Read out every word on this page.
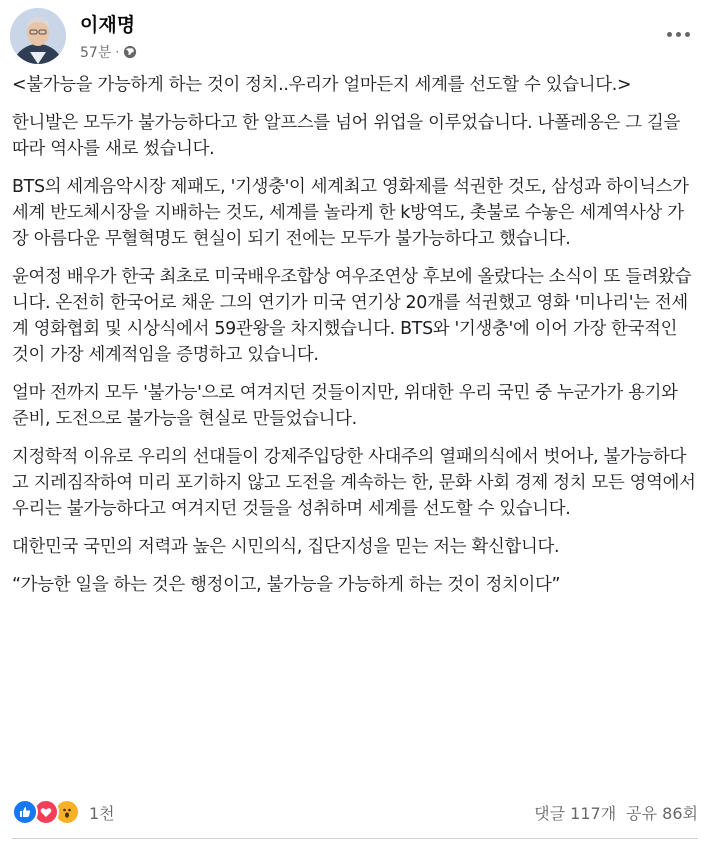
이재명
57분 ·

<불가능을 가능하게 하는 것이 정치..우리가 얼마든지 세계를 선도할 수 있습니다.>

한니발은 모두가 불가능하다고 한 알프스를 넘어 위업을 이루었습니다. 나폴레옹은 그 길을 따라 역사를 새로 썼습니다.

BTS의 세계음악시장 제패도, '기생충'이 세계최고 영화제를 석권한 것도, 삼성과 하이닉스가 세계 반도체시장을 지배하는 것도, 세계를 놀라게 한 k방역도, 촛불로 수놓은 세계역사상 가장 아름다운 무혈혁명도 현실이 되기 전에는 모두가 불가능하다고 했습니다.

윤여정 배우가 한국 최초로 미국배우조합상 여우조연상 후보에 올랐다는 소식이 또 들려왔습니다. 온전히 한국어로 채운 그의 연기가 미국 연기상 20개를 석권했고 영화 '미나리'는 전세계 영화협회 및 시상식에서 59관왕을 차지했습니다. BTS와 '기생충'에 이어 가장 한국적인 것이 가장 세계적임을 증명하고 있습니다.

얼마 전까지 모두 '불가능'으로 여겨지던 것들이지만, 위대한 우리 국민 중 누군가가 용기와 준비, 도전으로 불가능을 현실로 만들었습니다.

지정학적 이유로 우리의 선대들이 강제주입당한 사대주의 열패의식에서 벗어나, 불가능하다고 지레짐작하여 미리 포기하지 않고 도전을 계속하는 한, 문화 사회 경제 정치 모든 영역에서 우리는 불가능하다고 여겨지던 것들을 성취하며 세계를 선도할 수 있습니다.

대한민국 국민의 저력과 높은 시민의식, 집단지성을 믿는 저는 확신합니다.

“가능한 일을 하는 것은 행정이고, 불가능을 가능하게 하는 것이 정치이다”

1천	댓글 117개 공유 86회
